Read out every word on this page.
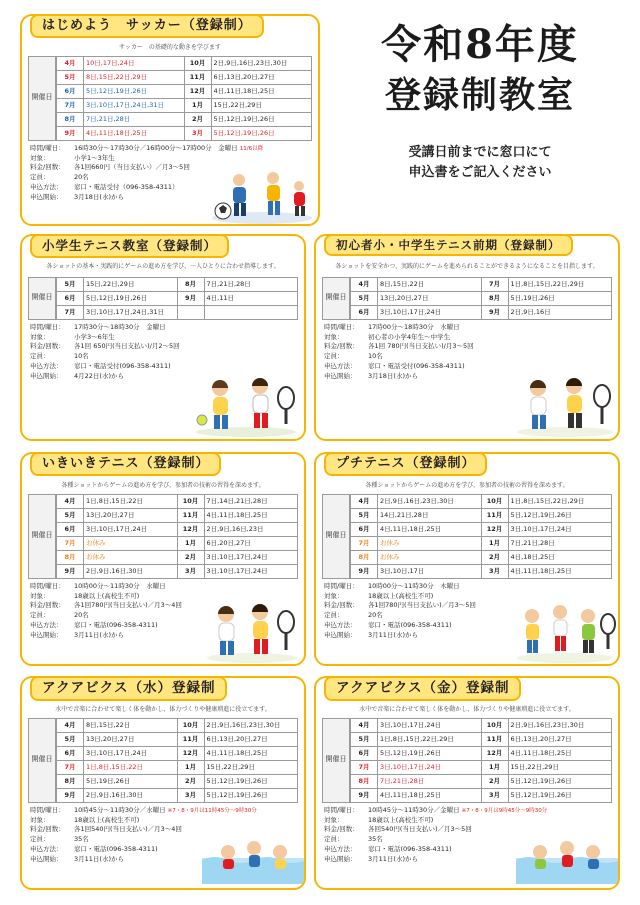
令和8年度
登録制教室

受講日前までに窓口にて

申込書をご記入ください

はじめよう　サッカー（登録制）
サッカー　の基礎的な動きを学びます
開催日
4月	10日,17日,24日	10月	2日,9日,16日,23日,30日
5月	8日,15日,22日,29日	11月	6日,13日,20日,27日
6月	5日,12日,19日,26日	12月	4日,11日,18日,25日
7月	3日,10日,17日,24日,31日	1月	15日,22日,29日
8月	7日,21日,28日	2月	5日,12日,19日,26日
9月	4日,11日,18日,25日	3月	5日,12日,19日,26日
時間/曜日：	16時30分～17時30分／16時00分～17時00分　金曜日 11/6以降
対象：	小学1～3年生
料金/回数：	各1回660円（当日支払い）／月3～5回
定員：	20名
申込方法：	窓口・電話受付（096-358-4311）
申込開始：	3月18日(水)から
小学生テニス教室（登録制）
各ショットの基本・実践的にゲームの進め方を学び、一人ひとりに合わせ指導します。
開催日
5月	15日,22日,29日	8月	7日,21日,28日
6月	5日,12日,19日,26日	9月	4日,11日
7月	3日,10日,17日,24日,31日		
時間/曜日：	17時30分～18時30分　金曜日
対象：	小学3～6年生
料金/回数：	各1回 650円(当日支払い)/月2～5回
定員：	10名
申込方法：	窓口・電話受付(096-358-4311)
申込開始：	4月22日(水)から
初心者小・中学生テニス前期（登録制）
各ショットを安全かつ、実践的にゲームを進められることができるようになることを目指します。
開催日
4月	8日,15日,22日	7月	1日,8日,15日,22日,29日
5月	13日,20日,27日	8月	5日,19日,26日
6月	3日,10日,17日,24日	9月	2日,9日,16日
時間/曜日：	17時00分～18時30分　水曜日
対象：	初心者の小学4年生～中学生
料金/回数：	各1回 780円(当日支払い)/月3～5回
定員：	10名
申込方法：	窓口・電話受付(096-358-4311)
申込開始：	3月18日(水)から
いきいきテニス（登録制）
各種ショットからゲームの進め方を学び、参加者の技術の習得を深めます。
開催日
4月	1日,8日,15日,22日	10月	7日,14日,21日,28日
5月	13日,20日,27日	11月	4日,11日,18日,25日
6月	3日,10日,17日,24日	12月	2日,9日,16日,23日
7月	お休み	1月	6日,20日,27日
8月	お休み	2月	3日,10日,17日,24日
9月	2日,9日,16日,30日	3月	3日,10日,17日,24日
時間/曜日：	10時00分～11時30分　水曜日
対象：	18歳以上(高校生不可)
料金/回数：	各1回780円(当日支払い)／月3～4回
定員：	20名
申込方法：	窓口・電話(096-358-4311)
申込開始：	3月11日(水)から
プチテニス（登録制）
各種ショットからゲームの進め方を学び、参加者の技術の習得を深めます。
開催日
4月	2日,9日,16日,23日,30日	10月	1日,8日,15日,22日,29日
5月	14日,21日,28日	11月	5日,12日,19日,26日
6月	4日,11日,18日,25日	12月	3日,10日,17日,24日
7月	お休み	1月	7日,21日,28日
8月	お休み	2月	4日,18日,25日
9月	3日,10日,17日	3月	4日,11日,18日,25日
時間/曜日：	10時00分～11時30分　木曜日
対象：	18歳以上(高校生不可)
料金/回数：	各1回780円(当日支払い)／月3～5回
定員：	20名
申込方法：	窓口・電話(096-358-4311)
申込開始：	3月11日(水)から
アクアビクス（水）登録制
水中で音楽に合わせて楽しく体を動かし、体力づくりや健康増進に役立てます。
開催日
4月	8日,15日,22日	10月	2日,9日,16日,23日,30日
5月	13日,20日,27日	11月	6日,13日,20日,27日
6月	3日,10日,17日,24日	12月	4日,11日,18日,25日
7月	1日,8日,15日,22日	1月	15日,22日,29日
8月	5日,19日,26日	2月	5日,12日,19日,26日
9月	2日,9日,16日,30日	3月	5日,12日,19日,26日
時間/曜日：	10時45分～11時30分／水曜日 ※7・8・9月は11時45分～9時30分
対象：	18歳以上(高校生不可)
料金/回数：	各1回540円(当日支払い)／月3～4回
定員：	35名
申込方法：	窓口・電話(096-358-4311)
申込開始：	3月11日(水)から
アクアビクス（金）登録制
水中で音楽に合わせて楽しく体を動かし、体力づくりや健康増進に役立てます。
開催日
4月	3日,10日,17日,24日	10月	2日,9日,16日,23日,30日
5月	1日,8日,15日,22日,29日	11月	6日,13日,20日,27日
6月	5日,12日,19日,26日	12月	4日,11日,18日,25日
7月	3日,10日,17日,24日	1月	15日,22日,29日
8月	7日,21日,28日	2月	5日,12日,19日,26日
9月	4日,11日,18日,25日	3月	5日,12日,19日,26日
時間/曜日：	10時45分～11時30分／金曜日 ※7・8・9月は9時45分～9時30分
対象：	18歳以上(高校生不可)
料金/回数：	各回540円(当日支払い)／月3～5回
定員：	35名
申込方法：	窓口・電話(096-358-4311)
申込開始：	3月11日(水)から
